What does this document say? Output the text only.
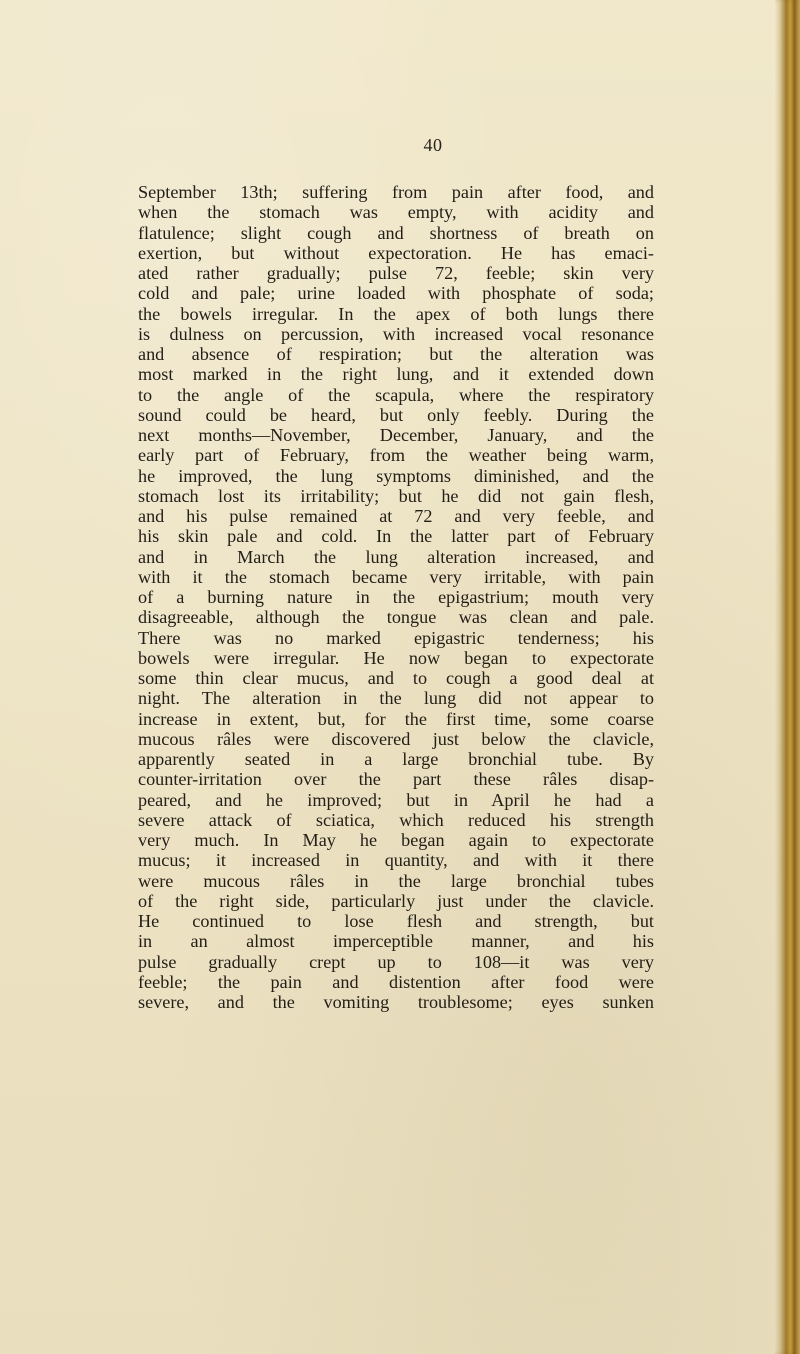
40
September 13th; suffering from pain after food, and
when the stomach was empty, with acidity and
flatulence; slight cough and shortness of breath on
exertion, but without expectoration. He has emaci-
ated rather gradually; pulse 72, feeble; skin very
cold and pale; urine loaded with phosphate of soda;
the bowels irregular. In the apex of both lungs there
is dulness on percussion, with increased vocal resonance
and absence of respiration; but the alteration was
most marked in the right lung, and it extended down
to the angle of the scapula, where the respiratory
sound could be heard, but only feebly. During the
next months—November, December, January, and the
early part of February, from the weather being warm,
he improved, the lung symptoms diminished, and the
stomach lost its irritability; but he did not gain flesh,
and his pulse remained at 72 and very feeble, and
his skin pale and cold. In the latter part of February
and in March the lung alteration increased, and
with it the stomach became very irritable, with pain
of a burning nature in the epigastrium; mouth very
disagreeable, although the tongue was clean and pale.
There was no marked epigastric tenderness; his
bowels were irregular. He now began to expectorate
some thin clear mucus, and to cough a good deal at
night. The alteration in the lung did not appear to
increase in extent, but, for the first time, some coarse
mucous râles were discovered just below the clavicle,
apparently seated in a large bronchial tube. By
counter-irritation over the part these râles disap-
peared, and he improved; but in April he had a
severe attack of sciatica, which reduced his strength
very much. In May he began again to expectorate
mucus; it increased in quantity, and with it there
were mucous râles in the large bronchial tubes
of the right side, particularly just under the clavicle.
He continued to lose flesh and strength, but
in an almost imperceptible manner, and his
pulse gradually crept up to 108—it was very
feeble; the pain and distention after food were
severe, and the vomiting troublesome; eyes sunken
